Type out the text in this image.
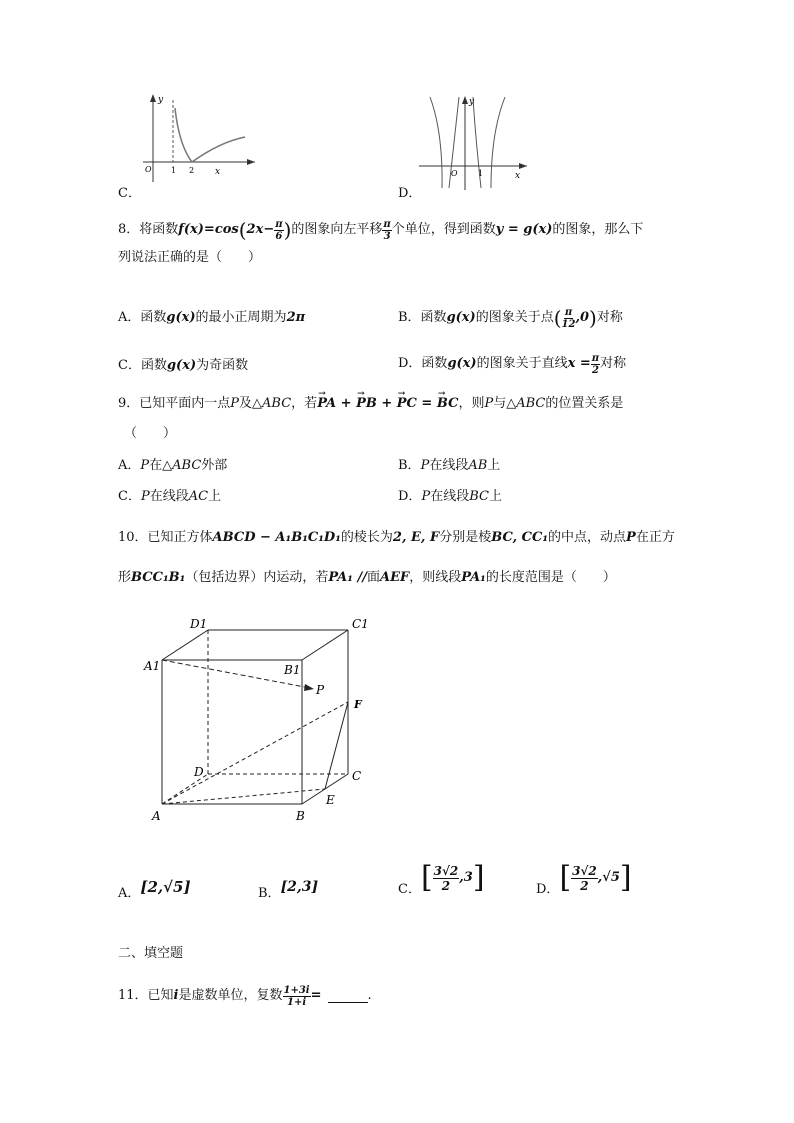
y
O 1 2 x
C．
y
O	1	x
D．
8．将函数 f(x)=cos ( $2x- \frac{\pi}{6}$ ) 的图象向左平移 $\frac{\pi}{3}$ 个单位，得到函数 y = g(x) 的图象，那么下
列说法正确的是（　　）
A．函数 g(x) 的最小正周期为 2π	B．函数 g(x) 的图象关于点 ( $\frac{\pi}{12} ,0$ ) 对称
C．函数 g(x) 为奇函数	D．函数 g(x) 的图象关于直线 $x = \frac{\pi}{2}$ 对称
9．已知平面内一点P及△ABC，若→ PA + → PB + → PC = → BC，则P与△ABC的位置关系是
（　　）
A．P在△ABC外部	B．P在线段AB上
C．P在线段AC上	D．P在线段BC上
10．已知正方体ABCD − A₁B₁C₁D₁的棱长为2, E, F分别是棱BC, CC₁的中点，动点P在正方
形BCC₁B₁（包括边界）内运动，若PA₁ //面AEF，则线段PA₁的长度范围是（　　）
D1	C1
A1	B1
P
F
D	C
E
A	B
A． [2,√5]	B． [2,3]	C． [ $\frac{3√2}{2} ,3$ ]	D． [ $\frac{3√2}{2} ,√5$ ]
二、填空题
11．已知 i 是虚数单位，复数 $\frac{1+3i}{1+i}$ =	.
